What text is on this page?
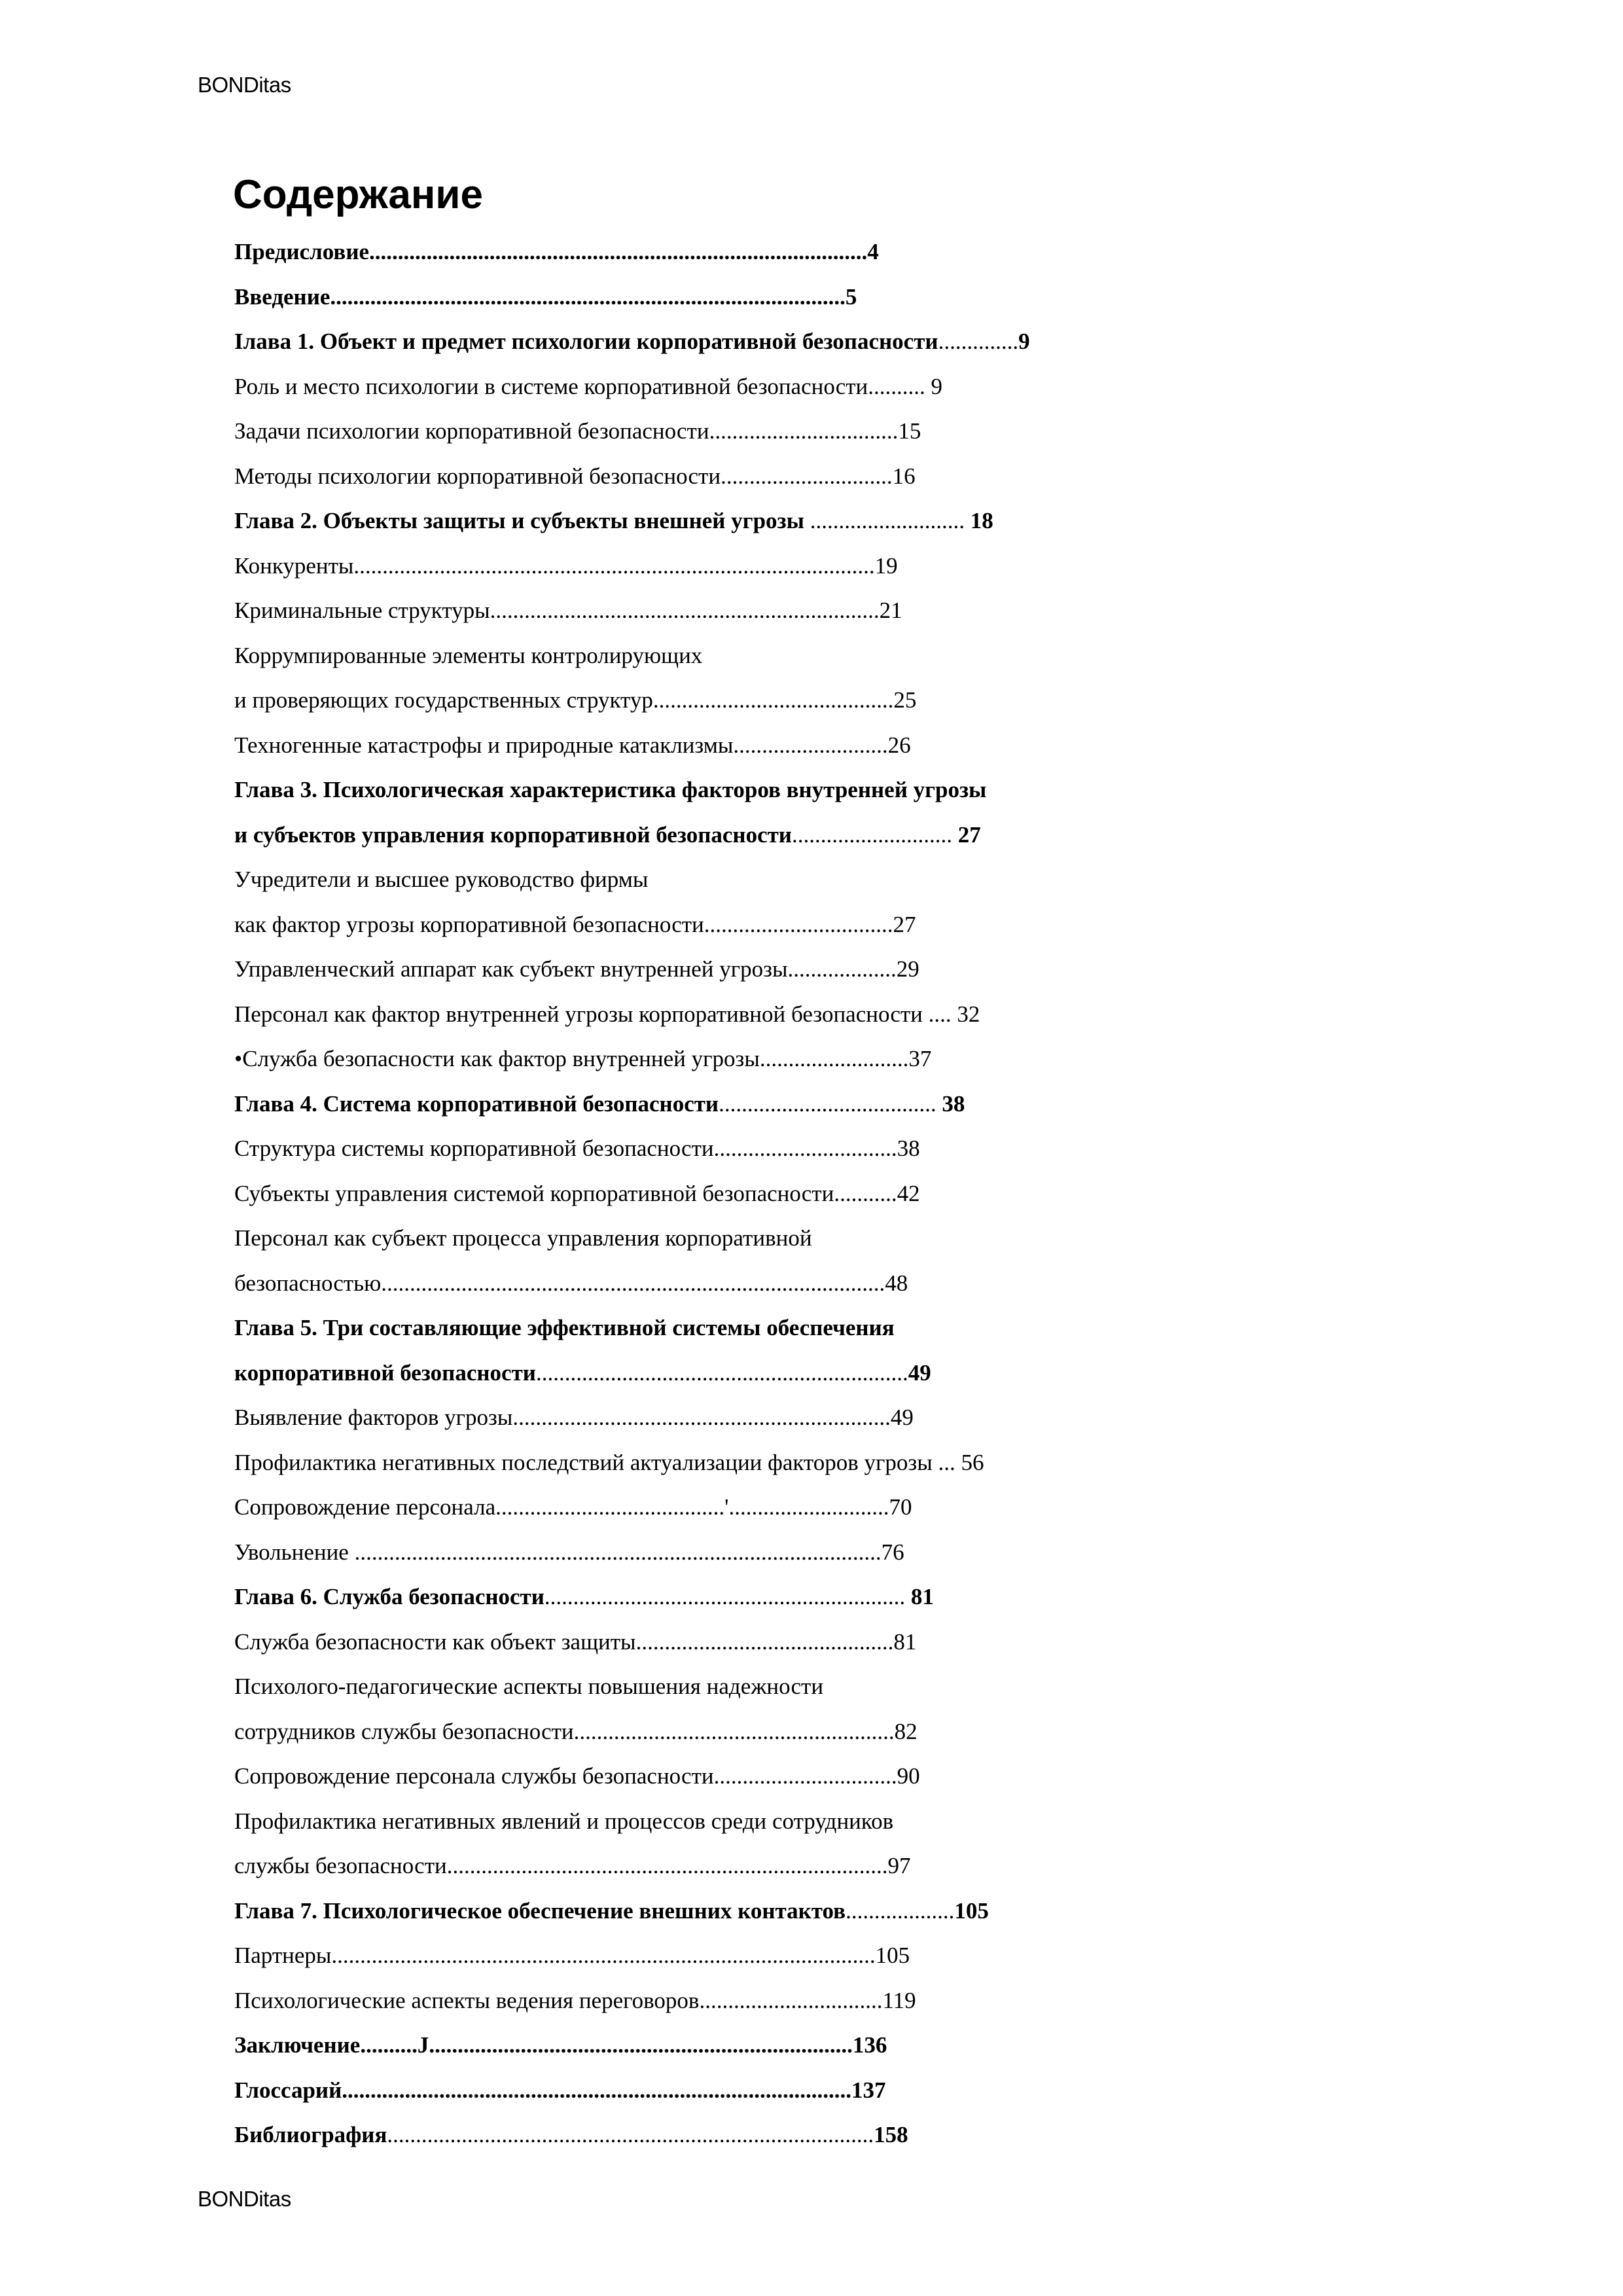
BONDitas
Содержание
Предисловие.......................................................................................4
Введение..........................................................................................5
Iлава 1. Объект и предмет психологии корпоративной безопасности..............9
Роль и место психологии в системе корпоративной безопасности.......... 9
Задачи психологии корпоративной безопасности.................................15
Методы психологии корпоративной безопасности..............................16
Глава 2. Объекты защиты и субъекты внешней угрозы ........................... 18
Конкуренты...........................................................................................19
Криминальные структуры....................................................................21
Коррумпированные элементы контролирующих
и проверяющих государственных структур..........................................25
Техногенные катастрофы и природные катаклизмы...........................26
Глава 3. Психологическая характеристика факторов внутренней угрозы
и субъектов управления корпоративной безопасности............................ 27
Учредители и высшее руководство фирмы
как фактор угрозы корпоративной безопасности.................................27
Управленческий аппарат как субъект внутренней угрозы...................29
Персонал как фактор внутренней угрозы корпоративной безопасности .... 32
•Служба безопасности как фактор внутренней угрозы..........................37
Глава 4. Система корпоративной безопасности...................................... 38
Структура системы корпоративной безопасности................................38
Субъекты управления системой корпоративной безопасности...........42
Персонал как субъект процесса управления корпоративной
безопасностью........................................................................................48
Глава 5. Три составляющие эффективной системы обеспечения
корпоративной безопасности.................................................................49
Выявление факторов угрозы..................................................................49
Профилактика негативных последствий актуализации факторов угрозы ... 56
Сопровождение персонала........................................'............................70
Увольнение ............................................................................................76
Глава 6. Служба безопасности............................................................... 81
Служба безопасности как объект защиты.............................................81
Психолого-педагогические аспекты повышения надежности
сотрудников службы безопасности........................................................82
Сопровождение персонала службы безопасности................................90
Профилактика негативных явлений и процессов среди сотрудников
службы безопасности.............................................................................97
Глава 7. Психологическое обеспечение внешних контактов...................105
Партнеры...............................................................................................105
Психологические аспекты ведения переговоров................................119
Заключение..........J..........................................................................136
Глоссарий.........................................................................................137
Библиография.....................................................................................158
BONDitas
